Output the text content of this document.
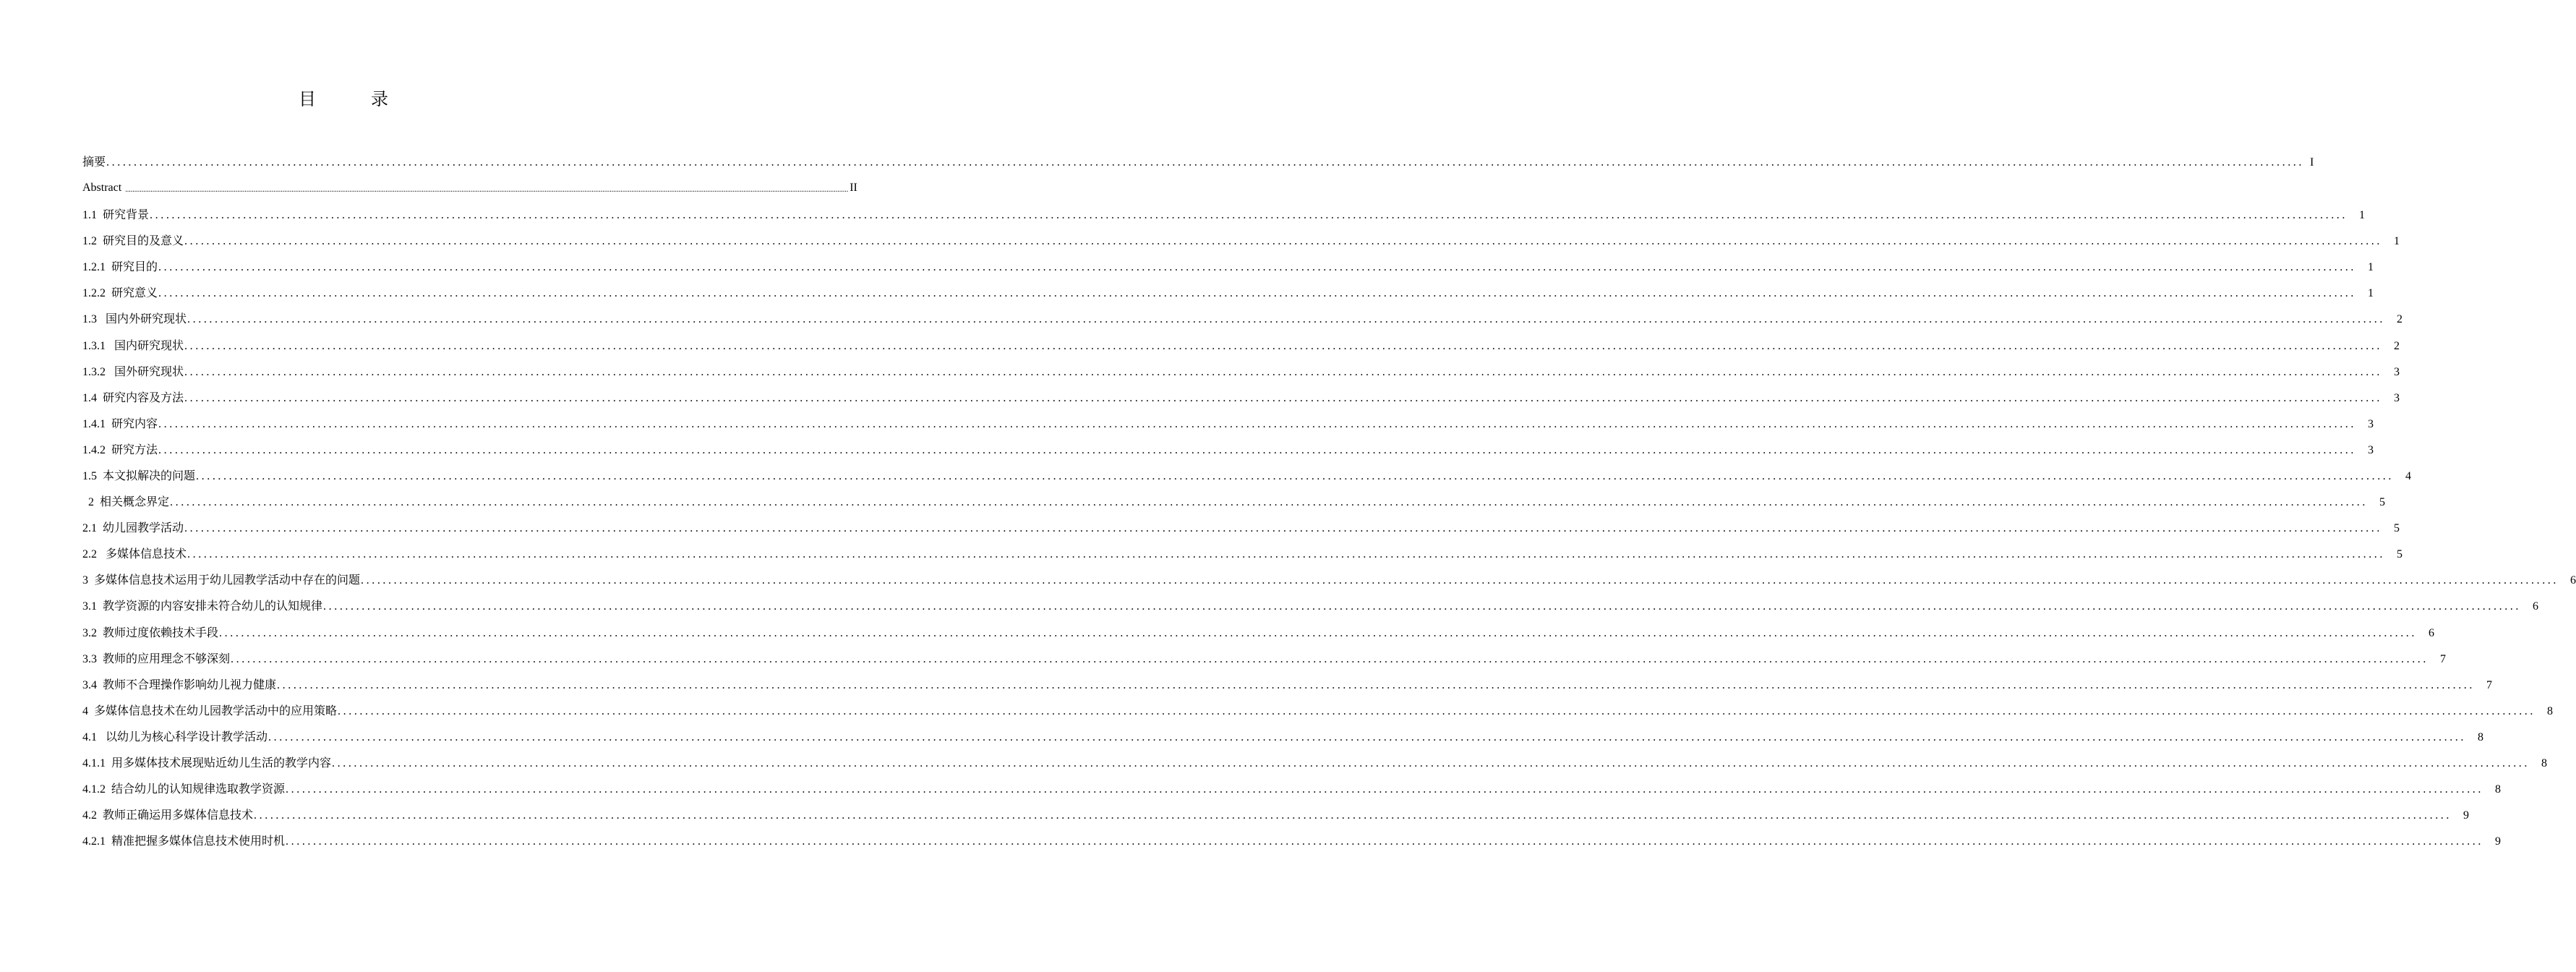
目　录
摘要 ................................................................................................................................................................................................................................................................................................................................................................................................................ I
Abstract ................................................................................................................................................................................................................................................................................................................................................................................................................ II
1.1  研究背景 ................................................................................................................................................................................................................................................................................................................................................................................................................	1
1.2  研究目的及意义 ................................................................................................................................................................................................................................................................................................................................................................................................................	1
1.2.1  研究目的 ................................................................................................................................................................................................................................................................................................................................................................................................................	1
1.2.2  研究意义 ................................................................................................................................................................................................................................................................................................................................................................................................................	1
1.3   国内外研究现状 ................................................................................................................................................................................................................................................................................................................................................................................................................	2
1.3.1   国内研究现状 ................................................................................................................................................................................................................................................................................................................................................................................................................	2
1.3.2   国外研究现状 ................................................................................................................................................................................................................................................................................................................................................................................................................	3
1.4  研究内容及方法 ................................................................................................................................................................................................................................................................................................................................................................................................................	3
1.4.1  研究内容 ................................................................................................................................................................................................................................................................................................................................................................................................................	3
1.4.2  研究方法 ................................................................................................................................................................................................................................................................................................................................................................................................................	3
1.5  本文拟解决的问题 ................................................................................................................................................................................................................................................................................................................................................................................................................	4
2  相关概念界定 ................................................................................................................................................................................................................................................................................................................................................................................................................	5
2.1  幼儿园教学活动 ................................................................................................................................................................................................................................................................................................................................................................................................................	5
2.2   多媒体信息技术 ................................................................................................................................................................................................................................................................................................................................................................................................................	5
3  多媒体信息技术运用于幼儿园教学活动中存在的问题 ................................................................................................................................................................................................................................................................................................................................................................................................................	6
3.1  教学资源的内容安排未符合幼儿的认知规律 ................................................................................................................................................................................................................................................................................................................................................................................................................	6
3.2  教师过度依赖技术手段 ................................................................................................................................................................................................................................................................................................................................................................................................................	6
3.3  教师的应用理念不够深刻 ................................................................................................................................................................................................................................................................................................................................................................................................................	7
3.4  教师不合理操作影响幼儿视力健康 ................................................................................................................................................................................................................................................................................................................................................................................................................	7
4  多媒体信息技术在幼儿园教学活动中的应用策略 ................................................................................................................................................................................................................................................................................................................................................................................................................	8
4.1   以幼儿为核心科学设计教学活动 ................................................................................................................................................................................................................................................................................................................................................................................................................	8
4.1.1  用多媒体技术展现贴近幼儿生活的教学内容 ................................................................................................................................................................................................................................................................................................................................................................................................................	8
4.1.2  结合幼儿的认知规律选取教学资源 ................................................................................................................................................................................................................................................................................................................................................................................................................	8
4.2  教师正确运用多媒体信息技术 ................................................................................................................................................................................................................................................................................................................................................................................................................	9
4.2.1  精准把握多媒体信息技术使用时机 ................................................................................................................................................................................................................................................................................................................................................................................................................	9
